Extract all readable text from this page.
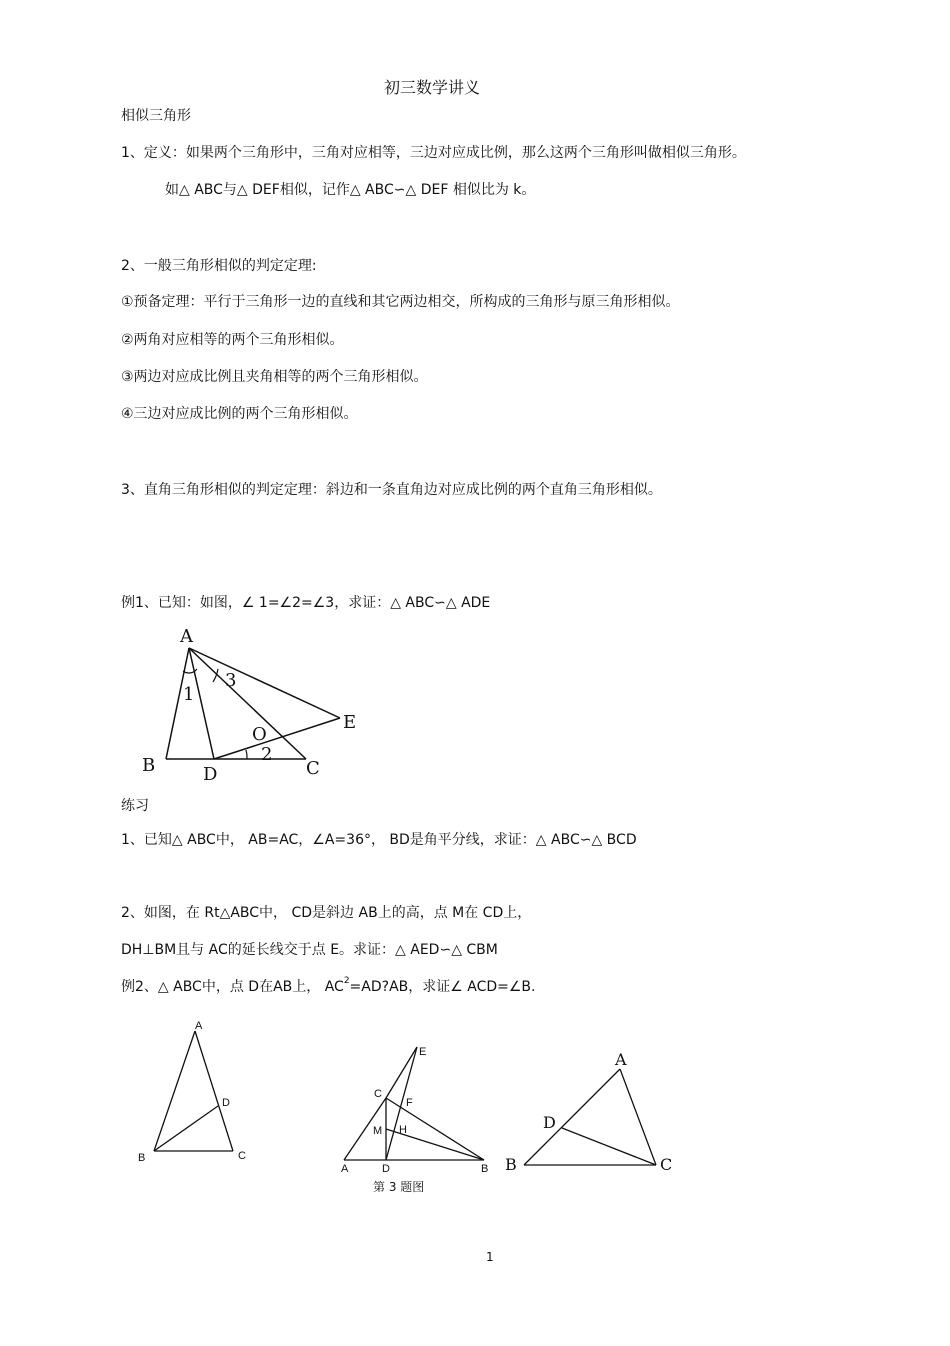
初三数学讲义
相似三角形
1、定义：如果两个三角形中，三角对应相等，三边对应成比例，那么这两个三角形叫做相似三角形。
如△ ABC与△ DEF相似，记作△ ABC∽△ DEF 相似比为 k。
2、一般三角形相似的判定定理:
①预备定理：平行于三角形一边的直线和其它两边相交，所构成的三角形与原三角形相似。
②两角对应相等的两个三角形相似。
③两边对应成比例且夹角相等的两个三角形相似。
④三边对应成比例的两个三角形相似。
3、直角三角形相似的判定定理：斜边和一条直角边对应成比例的两个直角三角形相似。
例1、已知：如图，∠ 1=∠2=∠3，求证：△ ABC∽△ ADE
A
B	C
D
E
O
1
2
3
练习
1、已知△ ABC中， AB=AC，∠A=36°， BD是角平分线，求证：△ ABC∽△ BCD
2、如图，在 Rt△ABC中， CD是斜边 AB上的高，点 M在 CD上，
DH⊥BM且与 AC的延长线交于点 E。求证：△ AED∽△ CBM
例2、△ ABC中，点 D在AB上， $AC^2=AD?AB$，求证∠ ACD=∠B.
A
B	C
D
E
C
F
M H
A	D	B
第 3 题图
A
B	C
D
1
